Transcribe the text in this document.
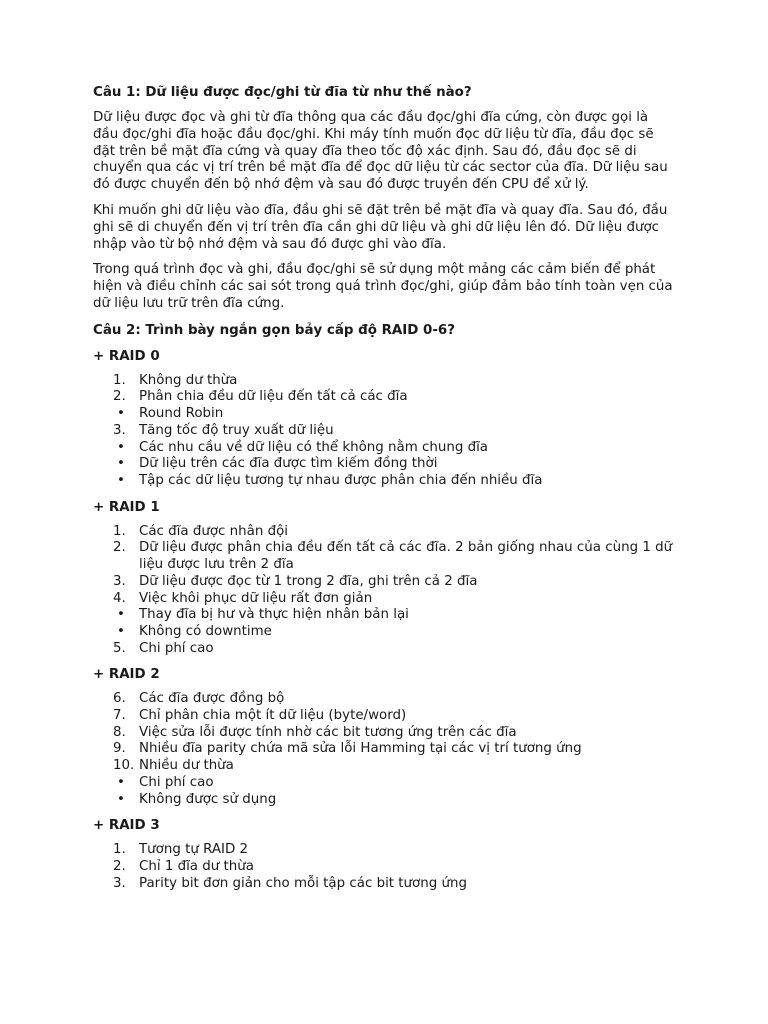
Câu 1: Dữ liệu được đọc/ghi từ đĩa từ như thế nào?

Dữ liệu được đọc và ghi từ đĩa thông qua các đầu đọc/ghi đĩa cứng, còn được gọi là đầu đọc/ghi đĩa hoặc đầu đọc/ghi. Khi máy tính muốn đọc dữ liệu từ đĩa, đầu đọc sẽ đặt trên bề mặt đĩa cứng và quay đĩa theo tốc độ xác định. Sau đó, đầu đọc sẽ di chuyển qua các vị trí trên bề mặt đĩa để đọc dữ liệu từ các sector của đĩa. Dữ liệu sau đó được chuyển đến bộ nhớ đệm và sau đó được truyền đến CPU để xử lý.

Khi muốn ghi dữ liệu vào đĩa, đầu ghi sẽ đặt trên bề mặt đĩa và quay đĩa. Sau đó, đầu ghi sẽ di chuyển đến vị trí trên đĩa cần ghi dữ liệu và ghi dữ liệu lên đó. Dữ liệu được nhập vào từ bộ nhớ đệm và sau đó được ghi vào đĩa.

Trong quá trình đọc và ghi, đầu đọc/ghi sẽ sử dụng một mảng các cảm biến để phát hiện và điều chỉnh các sai sót trong quá trình đọc/ghi, giúp đảm bảo tính toàn vẹn của dữ liệu lưu trữ trên đĩa cứng.

Câu 2: Trình bày ngắn gọn bảy cấp độ RAID 0-6?
+ RAID 0
1. Không dư thừa
2. Phân chia đều dữ liệu đến tất cả các đĩa
• Round Robin
3. Tăng tốc độ truy xuất dữ liệu
• Các nhu cầu về dữ liệu có thể không nằm chung đĩa
• Dữ liệu trên các đĩa được tìm kiếm đồng thời
• Tập các dữ liệu tương tự nhau được phân chia đến nhiều đĩa
+ RAID 1
1. Các đĩa được nhân đội
2. Dữ liệu được phân chia đều đến tất cả các đĩa. 2 bản giống nhau của cùng 1 dữ liệu được lưu trên 2 đĩa
3. Dữ liệu được đọc từ 1 trong 2 đĩa, ghi trên cả 2 đĩa
4. Việc khôi phục dữ liệu rất đơn giản
• Thay đĩa bị hư và thực hiện nhân bản lại
• Không có downtime
5. Chi phí cao
+ RAID 2
6. Các đĩa được đồng bộ
7. Chỉ phân chia một ít dữ liệu (byte/word)
8. Việc sửa lỗi được tính nhờ các bit tương ứng trên các đĩa
9. Nhiều đĩa parity chứa mã sửa lỗi Hamming tại các vị trí tương ứng
10. Nhiều dư thừa
• Chi phí cao
• Không được sử dụng
+ RAID 3
1. Tương tự RAID 2
2. Chỉ 1 đĩa dư thừa
3. Parity bit đơn giản cho mỗi tập các bit tương ứng
